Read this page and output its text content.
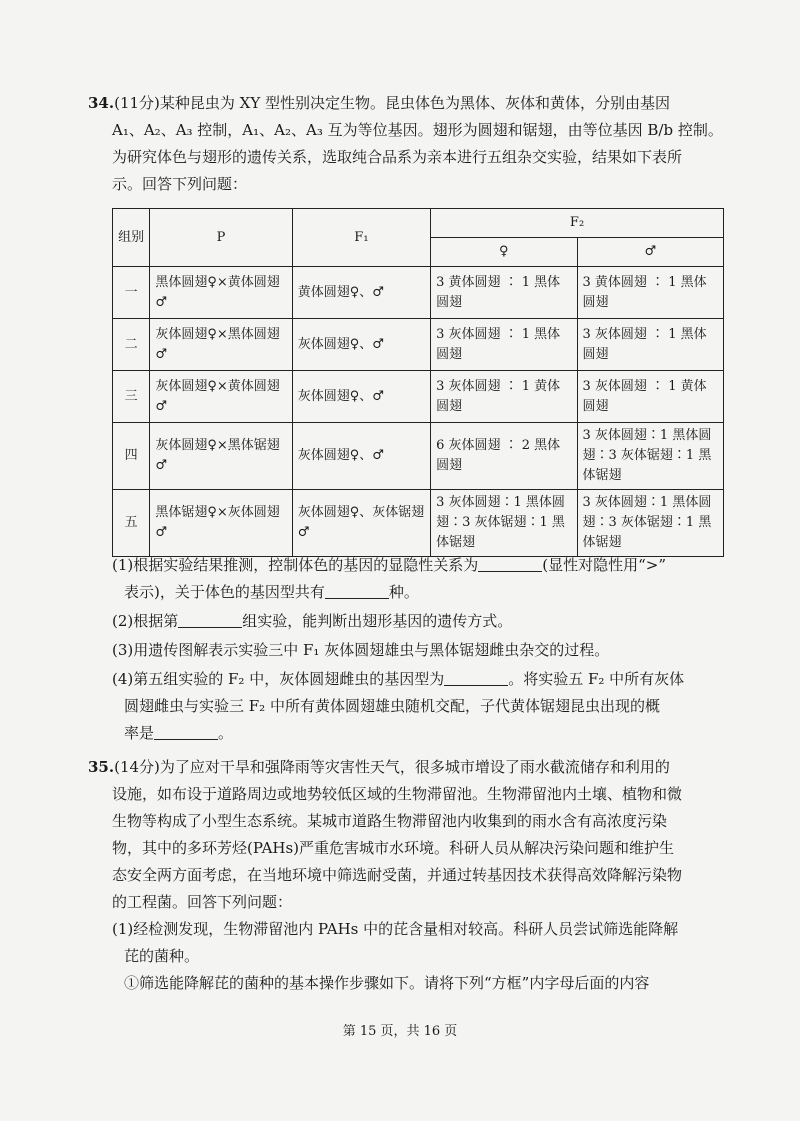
34.(11分)某种昆虫为 XY 型性别决定生物。昆虫体色为黑体、灰体和黄体，分别由基因
A₁、A₂、A₃ 控制，A₁、A₂、A₃ 互为等位基因。翅形为圆翅和锯翅，由等位基因 B/b 控制。
为研究体色与翅形的遗传关系，选取纯合品系为亲本进行五组杂交实验，结果如下表所
示。回答下列问题：
组别	P	F₁	F₂	
			♀	♂
一	黑体圆翅♀×黄体圆翅♂	黄体圆翅♀、♂	3 黄体圆翅 ∶ 1 黑体圆翅	3 黄体圆翅 ∶ 1 黑体圆翅
二	灰体圆翅♀×黑体圆翅♂	灰体圆翅♀、♂	3 灰体圆翅 ∶ 1 黑体圆翅	3 灰体圆翅 ∶ 1 黑体圆翅
三	灰体圆翅♀×黄体圆翅♂	灰体圆翅♀、♂	3 灰体圆翅 ∶ 1 黄体圆翅	3 灰体圆翅 ∶ 1 黄体圆翅
四	灰体圆翅♀×黑体锯翅♂	灰体圆翅♀、♂	6 灰体圆翅 ∶ 2 黑体圆翅	3 灰体圆翅∶1 黑体圆翅∶3 灰体锯翅∶1 黑体锯翅
五	黑体锯翅♀×灰体圆翅♂	灰体圆翅♀、灰体锯翅♂	3 灰体圆翅∶1 黑体圆翅∶3 灰体锯翅∶1 黑体锯翅	3 灰体圆翅∶1 黑体圆翅∶3 灰体锯翅∶1 黑体锯翅
(1)根据实验结果推测，控制体色的基因的显隐性关系为	(显性对隐性用“>”
表示)，关于体色的基因型共有	种。
(2)根据第	组实验，能判断出翅形基因的遗传方式。
(3)用遗传图解表示实验三中 F₁ 灰体圆翅雄虫与黑体锯翅雌虫杂交的过程。
(4)第五组实验的 F₂ 中，灰体圆翅雌虫的基因型为	。将实验五 F₂ 中所有灰体
圆翅雌虫与实验三 F₂ 中所有黄体圆翅雄虫随机交配，子代黄体锯翅昆虫出现的概
率是	。
35.(14分)为了应对干旱和强降雨等灾害性天气，很多城市增设了雨水截流储存和利用的
设施，如布设于道路周边或地势较低区域的生物滞留池。生物滞留池内土壤、植物和微
生物等构成了小型生态系统。某城市道路生物滞留池内收集到的雨水含有高浓度污染
物，其中的多环芳烃(PAHs)严重危害城市水环境。科研人员从解决污染问题和维护生
态安全两方面考虑，在当地环境中筛选耐受菌，并通过转基因技术获得高效降解污染物
的工程菌。回答下列问题：
(1)经检测发现，生物滞留池内 PAHs 中的芘含量相对较高。科研人员尝试筛选能降解
芘的菌种。
①筛选能降解芘的菌种的基本操作步骤如下。请将下列“方框”内字母后面的内容
第 15 页，共 16 页
